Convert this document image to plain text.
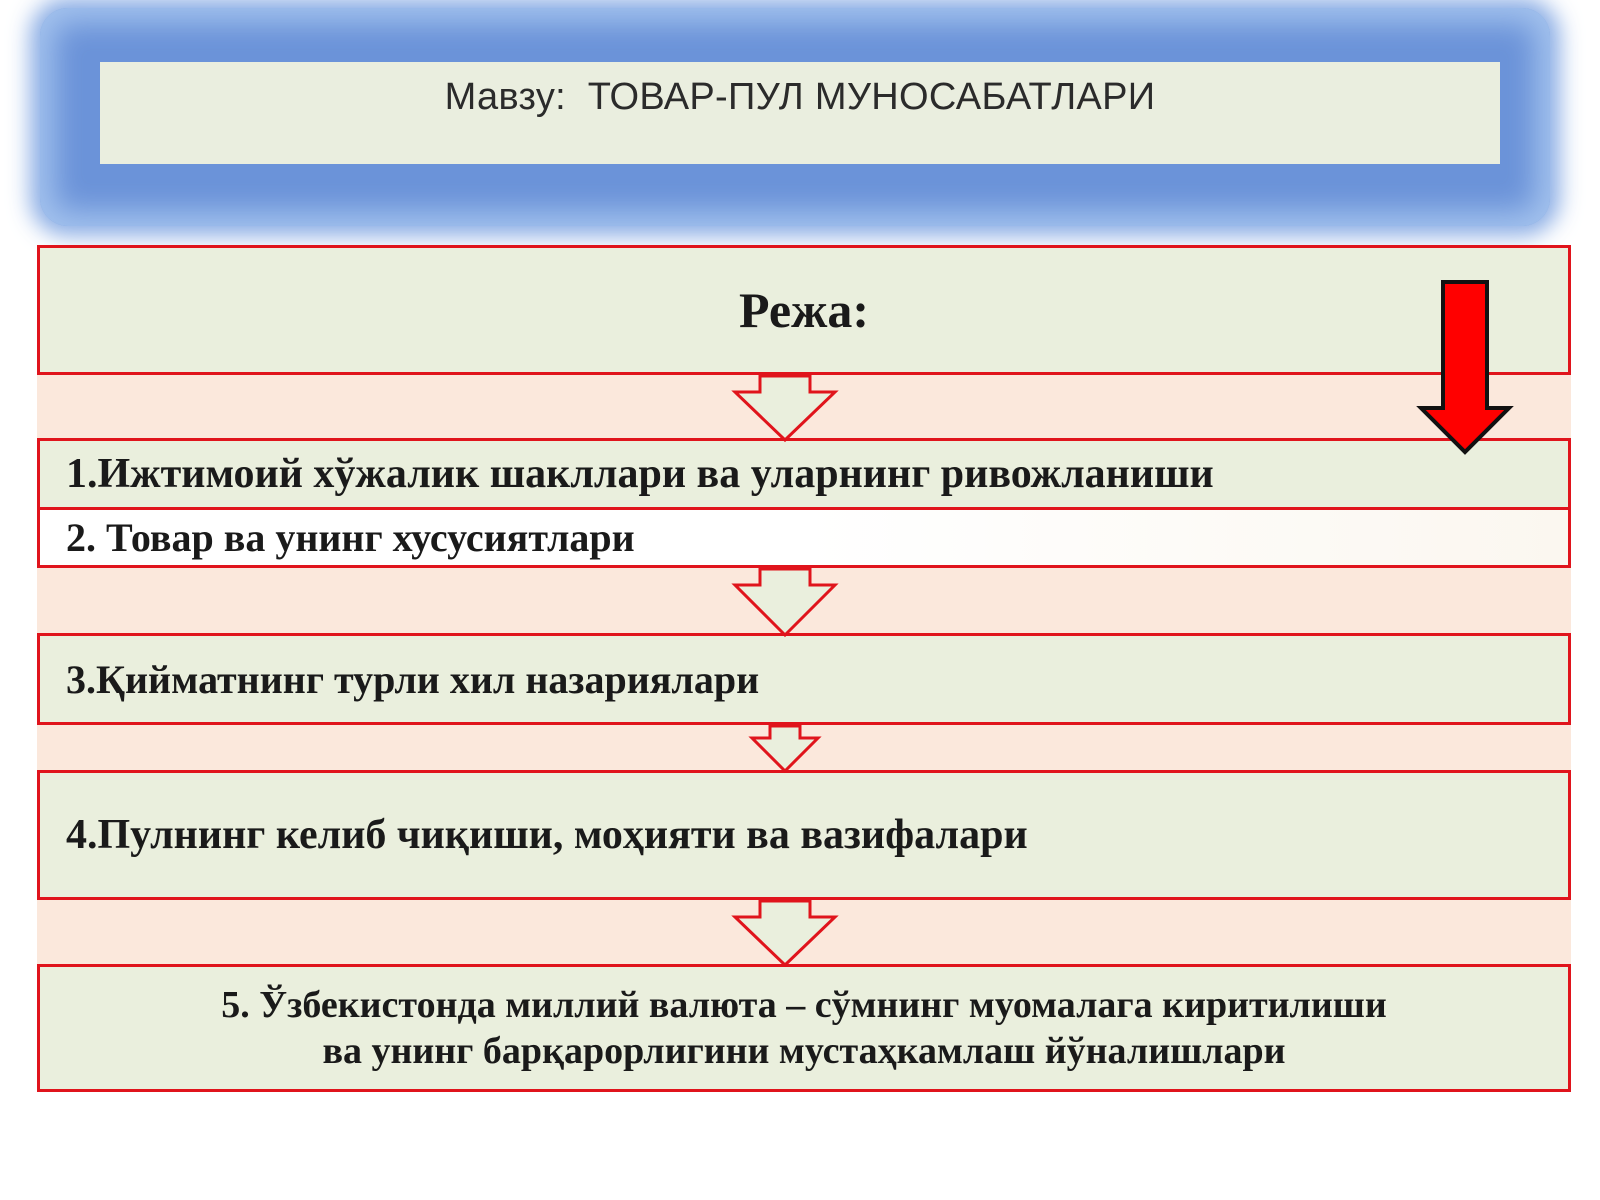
Мавзу: ТОВАР-ПУЛ МУНОСАБАТЛАРИ
Режа:
1.Ижтимоий хўжалик шакллари ва уларнинг ривожланиши
2. Товар ва унинг хусусиятлари
3.Қийматнинг турли хил назариялари
4.Пулнинг келиб чиқиши, моҳияти ва вазифалари
5. Ўзбекистонда миллий валюта – сўмнинг муомалага киритилиши
ва унинг барқарорлигини мустаҳкамлаш йўналишлари
